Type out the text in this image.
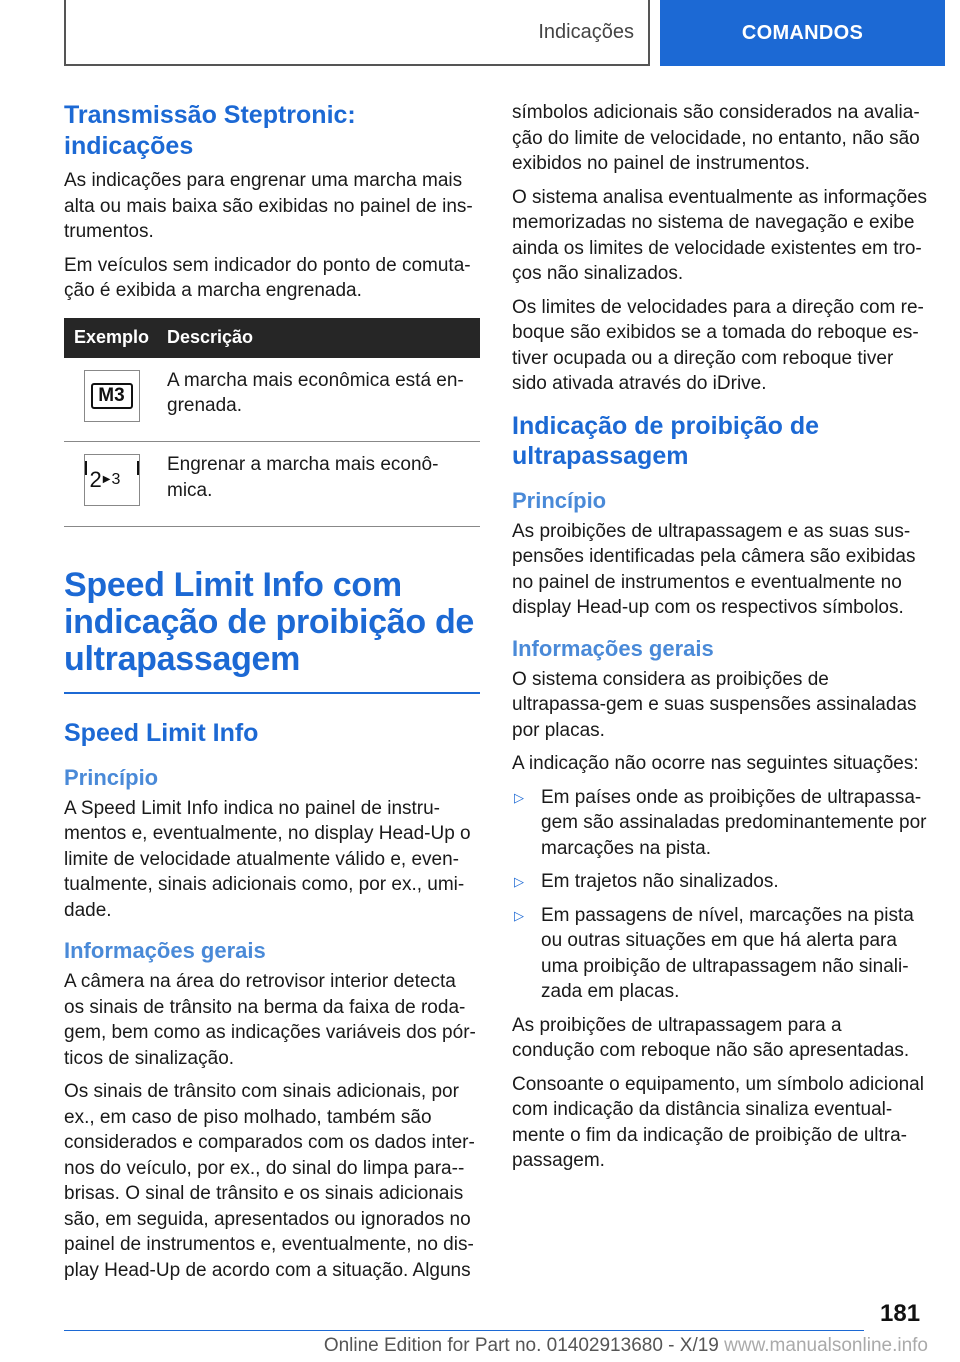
Indicações	COMANDOS
Transmissão Steptronic: indicações

As indicações para engrenar uma marcha mais alta ou mais baixa são exibidas no painel de ins-trumentos.

Em veículos sem indicador do ponto de comuta-ção é exibida a marcha engrenada.

Exemplo	Descrição

M3	A marcha mais econômica está en-grenada.

2 ▶ 3	Engrenar a marcha mais econô-mica.
Speed Limit Info com indicação de proibição de ultrapassagem
Speed Limit Info
Princípio

A Speed Limit Info indica no painel de instru-mentos e, eventualmente, no display Head-Up o limite de velocidade atualmente válido e, even-tualmente, sinais adicionais como, por ex., umi-dade.

Informações gerais

A câmera na área do retrovisor interior detecta os sinais de trânsito na berma da faixa de roda-gem, bem como as indicações variáveis dos pór-ticos de sinalização.

Os sinais de trânsito com sinais adicionais, por ex., em caso de piso molhado, também são considerados e comparados com os dados inter-nos do veículo, por ex., do sinal do limpa para--brisas. O sinal de trânsito e os sinais adicionais são, em seguida, apresentados ou ignorados no painel de instrumentos e, eventualmente, no dis-play Head-Up de acordo com a situação. Alguns

símbolos adicionais são considerados na avalia-ção do limite de velocidade, no entanto, não são exibidos no painel de instrumentos.

O sistema analisa eventualmente as informações memorizadas no sistema de navegação e exibe ainda os limites de velocidade existentes em tro-ços não sinalizados.

Os limites de velocidades para a direção com re-boque são exibidos se a tomada do reboque es-tiver ocupada ou a direção com reboque tiver sido ativada através do iDrive.

Indicação de proibição de ultrapassagem
Princípio

As proibições de ultrapassagem e as suas sus-pensões identificadas pela câmera são exibidas no painel de instrumentos e eventualmente no display Head-up com os respectivos símbolos.

Informações gerais

O sistema considera as proibições de ultrapassa-gem e suas suspensões assinaladas por placas.

A indicação não ocorre nas seguintes situações:

▷ Em países onde as proibições de ultrapassa-gem são assinaladas predominantemente por marcações na pista.
▷ Em trajetos não sinalizados.
▷ Em passagens de nível, marcações na pista ou outras situações em que há alerta para uma proibição de ultrapassagem não sinali-zada em placas.

As proibições de ultrapassagem para a condução com reboque não são apresentadas.

Consoante o equipamento, um símbolo adicional com indicação da distância sinaliza eventual-mente o fim da indicação de proibição de ultra-passagem.

181
Online Edition for Part no. 01402913680 - X/19 www.manualsonline.info
